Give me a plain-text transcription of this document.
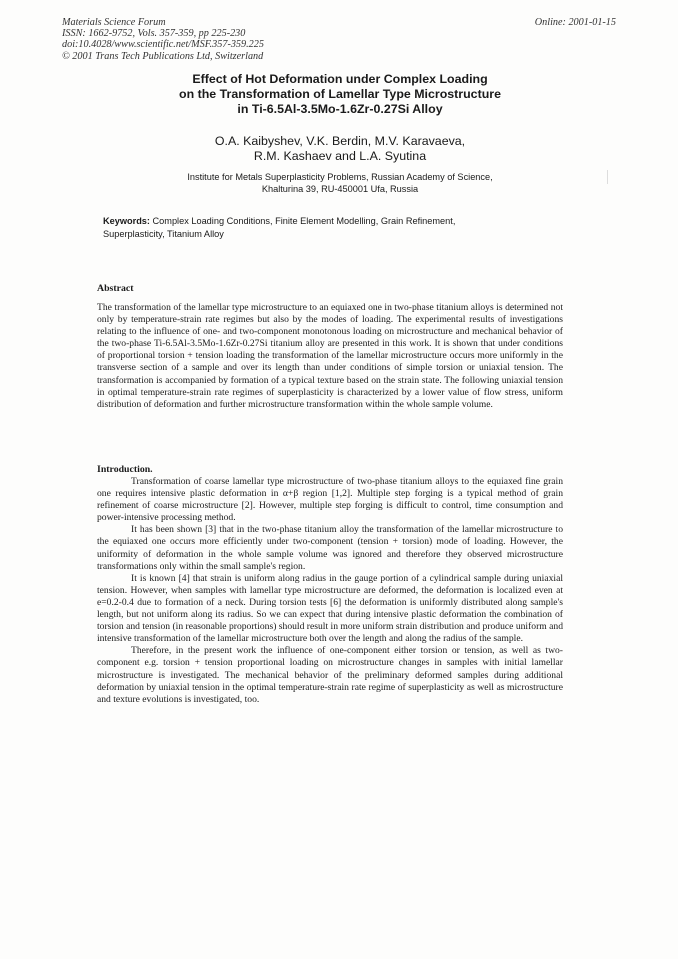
Materials Science Forum
ISSN: 1662-9752, Vols. 357-359, pp 225-230
doi:10.4028/www.scientific.net/MSF.357-359.225
© 2001 Trans Tech Publications Ltd, Switzerland
Online: 2001-01-15
Effect of Hot Deformation under Complex Loading
on the Transformation of Lamellar Type Microstructure
in Ti-6.5Al-3.5Mo-1.6Zr-0.27Si Alloy
O.A. Kaibyshev, V.K. Berdin, M.V. Karavaeva,
R.M. Kashaev and L.A. Syutina
Institute for Metals Superplasticity Problems, Russian Academy of Science,
Khalturina 39, RU-450001 Ufa, Russia
Keywords: Complex Loading Conditions, Finite Element Modelling, Grain Refinement, Superplasticity, Titanium Alloy
Abstract

The transformation of the lamellar type microstructure to an equiaxed one in two-phase titanium alloys is determined not only by temperature-strain rate regimes but also by the modes of loading. The experimental results of investigations relating to the influence of one- and two-component monotonous loading on microstructure and mechanical behavior of the two-phase Ti-6.5Al-3.5Mo-1.6Zr-0.27Si titanium alloy are presented in this work. It is shown that under conditions of proportional torsion + tension loading the transformation of the lamellar microstructure occurs more uniformly in the transverse section of a sample and over its length than under conditions of simple torsion or uniaxial tension. The transformation is accompanied by formation of a typical texture based on the strain state. The following uniaxial tension in optimal temperature-strain rate regimes of superplasticity is characterized by a lower value of flow stress, uniform distribution of deformation and further microstructure transformation within the whole sample volume.

Introduction.

Transformation of coarse lamellar type microstructure of two-phase titanium alloys to the equiaxed fine grain one requires intensive plastic deformation in α+β region [1,2]. Multiple step forging is a typical method of grain refinement of coarse microstructure [2]. However, multiple step forging is difficult to control, time consumption and power-intensive processing method.

It has been shown [3] that in the two-phase titanium alloy the transformation of the lamellar microstructure to the equiaxed one occurs more efficiently under two-component (tension + torsion) mode of loading. However, the uniformity of deformation in the whole sample volume was ignored and therefore they observed microstructure transformations only within the small sample's region.

It is known [4] that strain is uniform along radius in the gauge portion of a cylindrical sample during uniaxial tension. However, when samples with lamellar type microstructure are deformed, the deformation is localized even at e=0.2-0.4 due to formation of a neck. During torsion tests [6] the deformation is uniformly distributed along sample's length, but not uniform along its radius. So we can expect that during intensive plastic deformation the combination of torsion and tension (in reasonable proportions) should result in more uniform strain distribution and produce uniform and intensive transformation of the lamellar microstructure both over the length and along the radius of the sample.

Therefore, in the present work the influence of one-component either torsion or tension, as well as two-component e.g. torsion + tension proportional loading on microstructure changes in samples with initial lamellar microstructure is investigated. The mechanical behavior of the preliminary deformed samples during additional deformation by uniaxial tension in the optimal temperature-strain rate regime of superplasticity as well as microstructure and texture evolutions is investigated, too.
